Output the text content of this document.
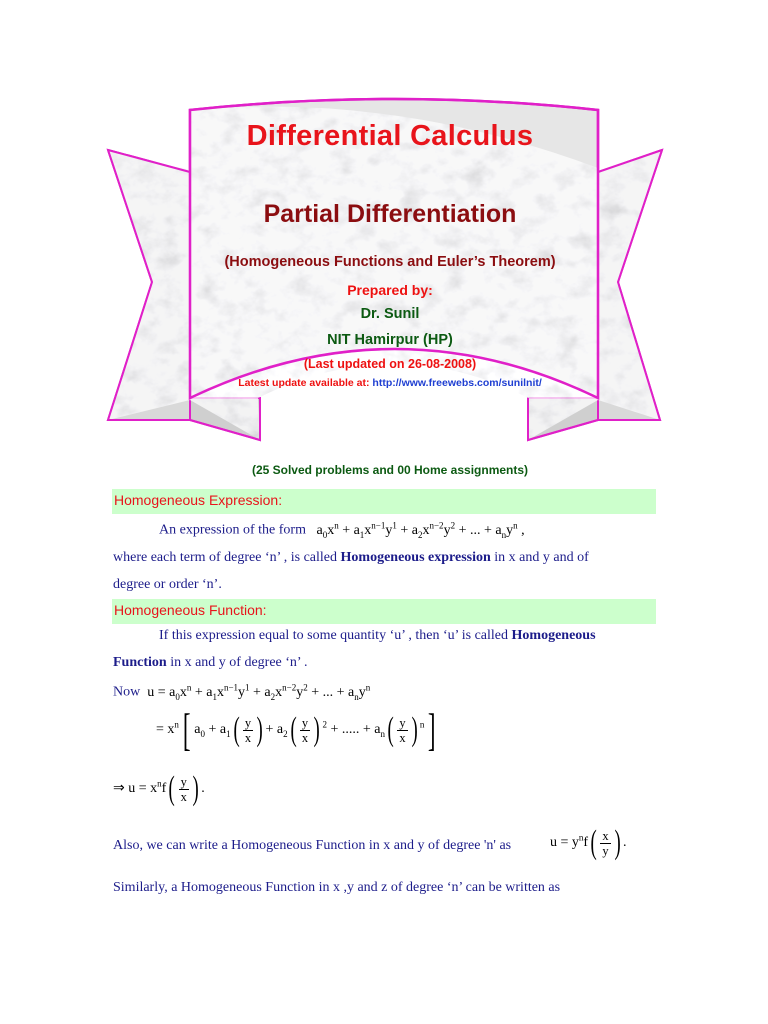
Differential Calculus
Partial Differentiation
(Homogeneous Functions and Euler’s Theorem)
Prepared by:
Dr. Sunil
NIT Hamirpur (HP)
(Last updated on 26-08-2008)
Latest update available at: http://www.freewebs.com/sunilnit/
(25 Solved problems and 00 Home assignments)
Homogeneous Expression:
An expression of the form   $a_0x^n + a_1x^{n-1}y^1 + a_2x^{n-2}y^2$ + ... + $a_ny^n$ ,
where each term of degree ‘n’ , is called Homogeneous expression in x and y and of
degree or order ‘n’.
Homogeneous Function:
If this expression equal to some quantity ‘u’ , then ‘u’ is called Homogeneous
Function in x and y of degree ‘n’ .
Now  $u = a_0x^n + a_1x^{n-1}y^1 + a_2x^{n-2}y^2$ + ... + $a_ny^n$
= $x^n$[ $a_0 + a_1( \frac{y}{x}$ ) + $a_2( \frac{y}{x}$ ) $^2$ + ..... + $a_n( \frac{y}{x}$ ) $^n$]
⇒ $u = x^nf( \frac{y}{x}$ ) .
Also, we can write a Homogeneous Function in x and y of degree 'n' as	$u = y^nf( \frac{x}{y}$ ) .
Similarly, a Homogeneous Function in x ,y and z of degree ‘n’ can be written as
